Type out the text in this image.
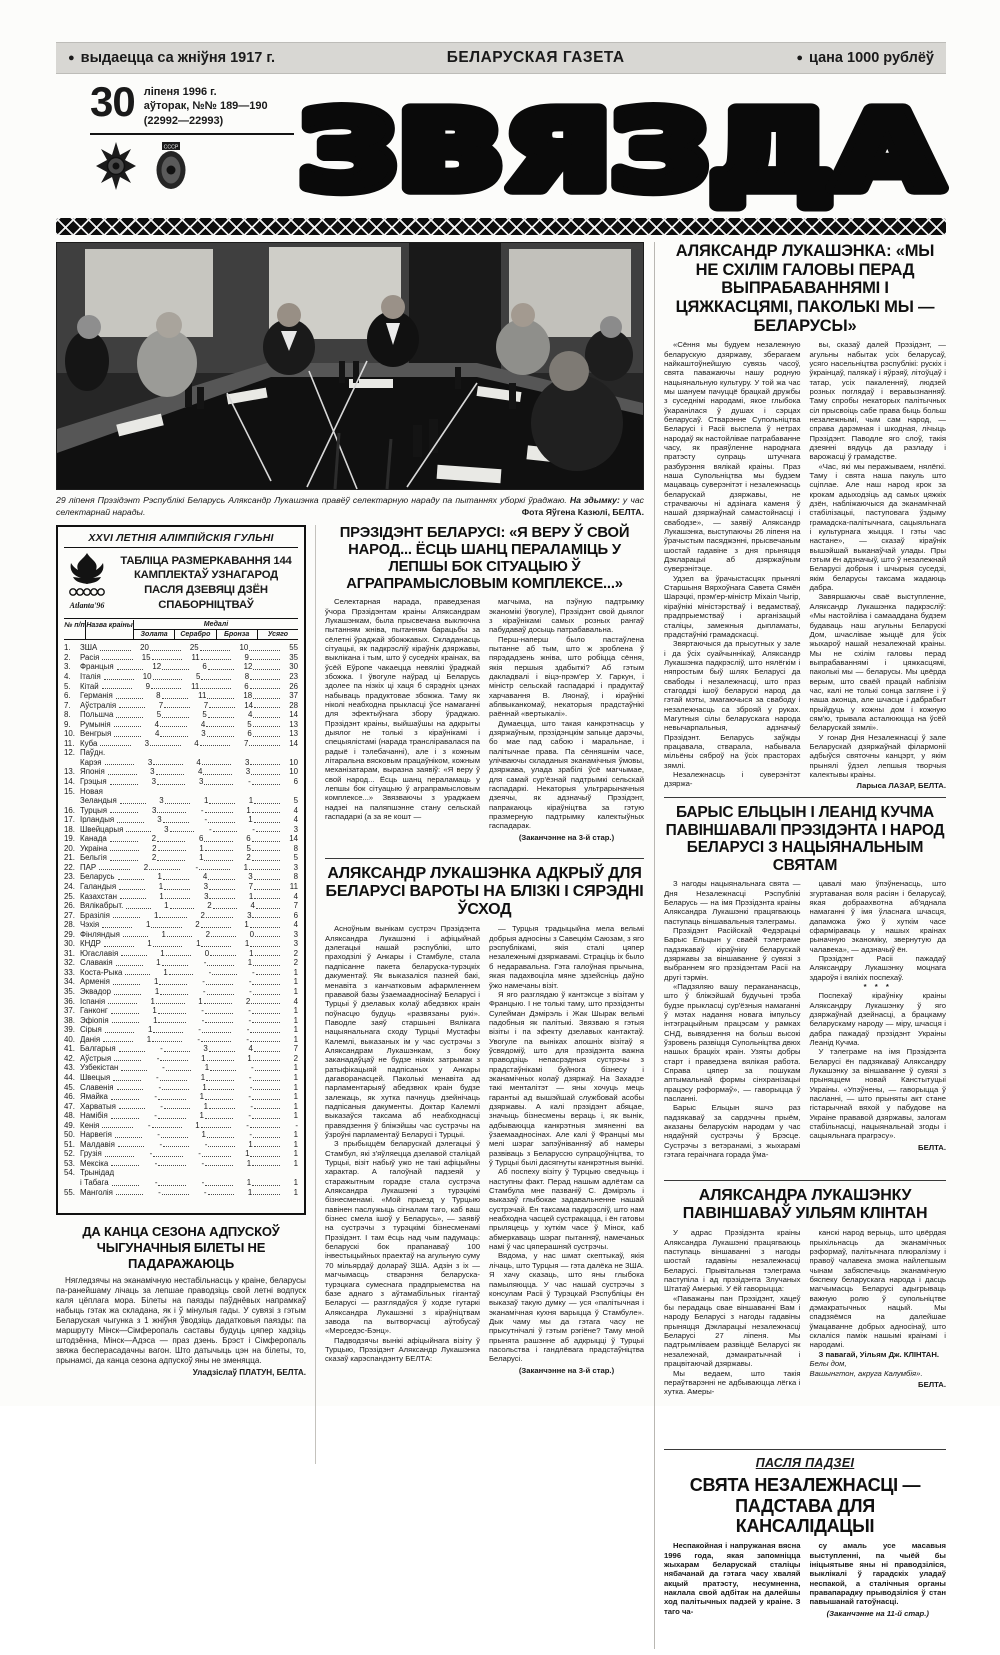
● выдаецца са жніўня 1917 г.	БЕЛАРУСКАЯ ГАЗЕТА	● цана 1000 рублёў
30 ліпеня 1996 г.
аўторак, №№ 189—190
(22992—22993)
СССР ЗВЯЗДА
29 ліпеня Прэзідэнт Рэспублікі Беларусь Аляксандр Лукашэнка правёў селектарную нараду па пытаннях уборкі ўраджаю. На здымку: у час селектарнай нарады.	Фота Яўгена Казюлі, БЕЛТА.
XXVI ЛЕТНІЯ АЛІМПІЙСКІЯ ГУЛЬНІ
Atlanta'96
ТАБЛІЦА РАЗМЕРКАВАННЯ 144 КАМПЛЕКТАЎ УЗНАГАРОД ПАСЛЯ ДЗЕВЯЦІ ДЗЁН СПАБОРНІЦТВАЎ
№ п/п Назва краіны	Медалі
Золата	Серабро	Бронза	Усяго
1.	ЗША	20	25	10	55
2.	Расія	15	11	9	35
3.	Францыя	12	6	12	30
4.	Італія	10	5	8	23
5.	Кітай	9	11	6	26
6.	Германія	8	11	18	37
7.	Аўстралія	7	7	14	28
8.	Польшча	5	5	4	14
9.	Румынія	4	4	5	13
10. Венгрыя	4	3	6	13
11. Куба	3	4	7	14
12. Паўдн.
Карэя	3	4	3	10
13. Японія	3	4	3	10
14. Грэцыя	3	3	-	6
15. Новая
Зеландыя	3	1	1	5
16. Турцыя	3	-	1	4
17. Ірландыя	3	-	1	4
18. Швейцарыя	3	-	-	3
19. Канада	2	6	6	14
20. Украіна	2	1	5	8
21. Бельгія	2	1	2	5
22. ПАР	2	-	1	3
23. Беларусь	1	4	3	8
24. Галандыя	1	3	7	11
25. Казахстан	1	3	1	4
26. Вялікабрыт.	1	2	4	7
27. Бразілія	1	2	3	6
28. Чэхія	1	2	1	4
29. Фінляндыя	1	2	0	3
30. КНДР	1	1	1	3
31. Югаславія	1	0	1	2
32. Славакія	1	-	1	2
33. Коста-Рыка	1	-	-	1
34. Арменія	1	-	-	1
35. Эквадор	1	-	-	1
36. Іспанія	1	1	2	4
37. Ганконг	1	-	-	1
38. Эфіопія	1	-	-	1
39. Сірыя	1	-	-	1
40. Данія	1	-	-	1
41. Балгарыя	-	3	4	7
42. Аўстрыя	-	1	1	2
43. Узбекістан	-	1	-	1
44. Швецыя	-	1	-	1
45. Славенія	-	1	-	1
46. Ямайка	-	1	-	1
47. Харватыя	-	1	-	1
48. Намібія	-	1	-	1
49. Кенія	-	1	-	-
50. Нарвегія	-	1	-	1
51. Малдавія	-	-	1	1
52. Грузія	-	-	1	1
53. Мексіка	-	-	1	1
54. Трынідад
і Табага	-	-	1	1
55. Манголія	-	-	1	1
ДА КАНЦА СЕЗОНА АДПУСКОЎ ЧЫГУНАЧНЫЯ БІЛЕТЫ НЕ ПАДАРАЖАЮЦЬ

Нягледзячы на эканамічную нестабільнасць у краіне, беларусы па-ранейшаму лічаць за лепшае праводзіць свой летні водпуск каля цёплага мора. Білеты на паязды паўднёвых напрамкаў набыць гэтак жа складана, як і ў мінулыя гады. У сувязі з гэтым Беларуская чыгунка з 1 жніўня ўводзіць дадатковыя паязды: па маршруту Мінск—Сімферопаль саставы будуць цяпер хадзіць штодзённа, Мінск—Адэса — праз дзень. Брэст і Сімферопаль звяжа бесперасадачны вагон. Што датычыць цэн на білеты, то, прынамсі, да канца сезона адпускоў яны не зменяцца.

Уладзіслаў ПЛАТУН, БЕЛТА.

ПРЭЗІДЭНТ БЕЛАРУСІ: «Я ВЕРУ Ў СВОЙ НАРОД... ЁСЦЬ ШАНЦ ПЕРАЛАМІЦЬ У ЛЕПШЫ БОК СІТУАЦЫЮ Ў АГРАПРАМЫСЛОВЫМ КОМПЛЕКСЕ...»

Селектарная нарада, праведзеная ўчора Прэзідэнтам краіны Аляксандрам Лукашэнкам, была прысвечана выключна пытанням жніва, пытанням барацьбы за сёлетні ўраджай збожжавых. Складанасць сітуацыі, як падкрэсліў кіраўнік дзяржавы, выклікана і тым, што ў суседніх краінах, ва ўсёй Еўропе чакаецца невялікі ўраджай збожжа. І ўвогуле наўрад ці Беларусь здолее па нізкіх ці хаця б сярэдніх цэнах набываць прадуктовае збожжа. Таму як ніколі неабходна прыкласці ўсе намаганні для эфектыўнага збору ўраджаю. Прэзідэнт краіны, выйшаўшы на адкрыты дыялог не толькі з кіраўнікамі і спецыялістамі (нарада трансліравалася па радыё і тэлебачанні), але і з кожным літаральна вясковым працаўніком, кожным механізатарам, выразна заявіў: «Я веру ў свой народ... Ёсць шанц пераламаць у лепшы бок сітуацыю ў аграпрамысловым комплексе...» Звязваючы з ураджаем надзеі на паляпшэнне стану сельскай гаспадаркі (а за яе кошт —

магчыма, на пэўную падтрымку эканомікі ўвогуле), Прэзідэнт свой дыялог з кіраўнікамі самых розных рангаў пабудаваў досыць патрабавальна.

Перш-наперш было пастаўлена пытанне аб тым, што ж зроблена ў пярэдадзень жніва, што робіцца сёння, якія першыя здабыткі? Аб гэтым дакладвалі і віцэ-прэм'ер У. Гаркун, і міністр сельскай гаспадаркі і прадуктаў харчавання В. Ляонаў, і кіраўнікі аблвыканкомаў, некаторыя прадстаўнікі раённай «вертыкалі».

Думаецца, што такая канкрэтнасць у дзяржаўным, прэзідэнцкім запыце дарэчы, бо мае пад сабою і маральнае, і палітычнае права. Па сённяшнім часе, улічваючы складаныя эканамічныя ўмовы, дзяржава, улада зрабілі ўсё магчымае, для самай сур'ёзнай падтрымкі сельскай гаспадаркі. Некаторыя ультрарыначныя дзеячы, як адзначыў Прэзідэнт, папракаюць кіраўніцтва за гэтую празмерную падтрымку калектыўных гаспадарак.

(Заканчэнне на 3-й стар.)

АЛЯКСАНДР ЛУКАШЭНКА АДКРЫЎ ДЛЯ БЕЛАРУСІ ВАРОТЫ НА БЛІЗКІ І СЯРЭДНІ ЎСХОД

Асноўным вынікам сустрэч Прэзідэнта Аляксандра Лукашэнкі і афіцыйнай дэлегацыі нашай рэспублікі, што праходзілі ў Анкары і Стамбуле, стала падпісанне пакета беларуска-турэцкіх дакументаў. Як выказаліся пазней бакі, менавіта з канчатковым афармленнем прававой базы ўзаемаадносінаў Беларусі і Турцыі ў дзелавых колаў абедзвюх краін поўнасцю будуць «развязаны рукі». Паводле заяў старшыні Вялікага нацыянальнага сходу Турцыі Мустафы Калемлі, выказаных ім у час сустрэчы з Аляксандрам Лукашэнкам, з боку заканадаўцаў не будзе ніякіх затрымак з ратыфікацыяй падпісаных у Анкары дагаворанасцей. Паколькі менавіта ад парламентарыяў абедзвюх краін будзе залежаць, як хутка пачнуць дзейнічаць падпісаныя дакументы. Доктар Калемлі выказаўся таксама аб неабходнасці правядзення ў бліжэйшы час сустрэчы на ўзроўні парламентаў Беларусі і Турцыі.

З прыбыццём беларускай дэлегацыі ў Стамбул, які з'яўляецца дзелавой сталіцай Турцыі, візіт набыў ужо не такі афіцыйны характар. А галоўнай падзеяй у старажытным горадзе стала сустрэча Аляксандра Лукашэнкі з турэцкімі бізнесменамі. «Мой прыезд у Турцыю павінен паслужыць сігналам таго, каб ваш бізнес смела ішоў у Беларусь», — заявіў на сустрэчы з турэцкімі бізнесменамі Прэзідэнт. І там ёсць над чым падумаць: беларускі бок прапанаваў 100 інвестыцыйных праектаў на агульную суму 70 мільярдаў долараў ЗША. Адзін з іх — магчымасць стварэння беларуска-турэцкага сумеснага прадпрыемства на базе аднаго з аўтамабільных гігантаў Беларусі — разглядаўся ў ходзе гутаркі Аляксандра Лукашэнкі з кіраўніцтвам завода па вытворчасці аўтобусаў «Мерседэс-Бэнц».

Падводзячы вынікі афіцыйнага візіту ў Турцыю, Прэзідэнт Аляксандр Лукашэнка сказаў карэспандэнту БЕЛТА:

— Турцыя традыцыйна мела вельмі добрыя адносіны з Савецкім Саюзам, з яго рэспублікамі, якія сталі цяпер незалежнымі дзяржавамі. Страціць іх было б недаравальна. Гэта галоўная прычына, якая падахвоціла мяне здзейсніць даўно ўжо намечаны візіт.

Я яго разглядаю ў кантэксце з візітам у Францыю. І не толькі таму, што прэзідэнты Сулейман Дэмірэль і Жак Шырак вельмі падобныя як палітыкі. Звязваю я гэтыя візіты і па эфекту дзелавых кантактаў. Увогуле па выніках апошніх візітаў я ўсвядоміў, што для прэзідэнта важна праводзіць непасрэдныя сустрэчы з прадстаўнікамі буйнога бізнесу і эканамічных колаў дзяржаў. На Захадзе такі менталітэт — яны хочуць мець гарантыі ад вышэйшай службовай асобы дзяржавы. А калі прэзідэнт абяцае, значыць бізнесмены вераць і, як вынік, адбываюцца канкрэтныя змяненні ва ўзаемаадносінах. Але калі ў Францыі мы мелі шэраг запэўніванняў аб намеры развіваць з Беларуссю супрацоўніцтва, то ў Турцыі былі дасягнуты канкрэтныя вынікі.

Аб поспеху візіту ў Турцыю сведчыць і наступны факт. Перад нашым адлётам са Стамбула мне пазваніў С. Дэмірэль і выказаў глыбокае задавальненне нашай сустрэчай. Ён таксама падкрэсліў, што нам неабходна часцей сустракацца, і ён гатовы прыляцець у хуткім часе ў Мінск, каб абмеркаваць шэраг пытанняў, намечаных намі ў час цяперашняй сустрэчы.

Вядома, у нас шмат скептыкаў, якія лічаць, што Турцыя — гэта далёка не ЗША. Я хачу сказаць, што яны глыбока памыляюцца. У час нашай сустрэчы з консулам Расіі ў Турэцкай Рэспубліцы ён выказаў такую думку — уся «палітычная і эканамічная кухня варыцца ў Стамбуле». Дык чаму мы да гэтага часу не прысутнічалі ў гэтым рэгіёне? Таму мной прынята рашэнне аб адкрыцці ў Турцыі пасольства і гандлёвага прадстаўніцтва Беларусі.

(Заканчэнне на 3-й стар.)

АЛЯКСАНДР ЛУКАШЭНКА: «МЫ НЕ СХІЛІМ ГАЛОВЫ ПЕРАД ВЫПРАБАВАННЯМІ І ЦЯЖКАСЦЯМІ, ПАКОЛЬКІ МЫ — БЕЛАРУСЫ»

«Сёння мы будуем незалежную беларускую дзяржаву, зберагаем найкаштоўнейшую сувязь часоў, свята паважаючы нашу родную нацыянальную культуру. У той жа час мы шануем пачуццё брацкай дружбы з суседнімі народамі, якое глыбока ўкаранілася ў душах і сэрцах беларусаў. Стварэнне Супольніцтва Беларусі і Расіі выспела ў нетрах народаў як настойлівае патрабаванне часу, як праяўленне народнага пратэсту супраць штучнага разбурэння вялікай краіны. Праз наша Супольніцтва мы будзем мацаваць суверэнітэт і незалежнасць беларускай дзяржавы, не страчваючы ні адзінага каменя ў нашай дзяржаўнай самастойнасці і свабодзе», — заявіў Аляксандр Лукашэнка, выступаючы 26 ліпеня на ўрачыстым пасяджэнні, прысвечаным шостай гадавіне з дня прыняцця Дэкларацыі аб дзяржаўным суверэнітэце.

Удзел ва ўрачыстасцях прынялі Старшыня Вярхоўнага Савета Сямён Шарэцкі, прэм'ер-міністр Міхаіл Чыгір, кіраўнікі міністэрстваў і ведамстваў, прадпрыемстваў і арганізацый сталіцы, замежныя дыпламаты, прадстаўнікі грамадскасці.

Звяртаючыся да прысутных у зале і да ўсіх суайчыннікаў, Аляксандр Лукашэнка падкрэсліў, што нялёгкім і няпростым быў шлях Беларусі да свабоды і незалежнасці, што праз стагоддзі ішоў беларускі народ да гэтай мэты, змагаючыся за свабоду і незалежнасць са зброяй у руках. Магутныя сілы беларускага народа невычарпальныя, адзначыў Прэзідэнт. Беларусь заўжды працавала, стварала, набывала мільёны сяброў на ўсіх прасторах зямлі.

Незалежнасць і суверэнітэт дзяржа-

вы, сказаў далей Прэзідэнт, — агульны набытак усіх беларусаў, усяго насельніцтва рэспублікі: рускіх і ўкраінцаў, палякаў і яўрэяў, літоўцаў і татар, усіх пакаленняў, людзей розных поглядаў і веравызнанняў. Таму спробы некаторых палітычных сіл прысвоіць сабе права быць больш незалежнымі, чым сам народ, — справа дарэмная і шкодная, лічыць Прэзідэнт. Паводле яго слоў, такія дзеянні вядуць да разладу і варожасці ў грамадстве.

«Час, які мы перажываем, нялёгкі. Таму і свята наша пакуль што сціплае. Але наш народ крок за крокам адыходзіць ад самых цяжкіх дзён, набліжаючыся да эканамічнай стабілізацыі, паступовага ўздыму грамадска-палітычнага, сацыяльнага і культурнага жыцця. І гэты час настане», — сказаў кіраўнік вышэйшай выканаўчай улады. Пры гэтым ён адзначыў, што ў незалежнай Беларусі добрыя і шчырыя суседзі, якім беларусы таксама жадаюць дабра.

Завяршаючы сваё выступленне, Аляксандр Лукашэнка падкрэсліў: «Мы настойліва і самааддана будзем будаваць наш агульны Беларускі Дом, шчаслівае жыццё для ўсіх жыхароў нашай незалежнай краіны. Мы не схілім галовы перад выпрабаваннямі і цяжкасцямі, паколькі мы — беларусы. Мы цвёрда верым, што сваёй працай наблізім час, калі не толькі сонца загляне і ў наша аконца, але шчасце і дабрабыт прыйдуць у кожны дом і кожную сям'ю, трывала асталююцца на ўсёй беларускай зямлі».

У гонар Дня Незалежнасці ў зале Беларускай дзяржаўнай філармоніі адбыўся святочны канцэрт, у якім прынялі ўдзел лепшыя творчыя калектывы краіны.

Ларыса ЛАЗАР, БЕЛТА.

БАРЫС ЕЛЬЦЫН І ЛЕАНІД КУЧМА ПАВІНШАВАЛІ ПРЭЗІДЭНТА І НАРОД БЕЛАРУСІ З НАЦЫЯНАЛЬНЫМ СВЯТАМ

З нагоды нацыянальнага свята — Дня Незалежнасці Рэспублікі Беларусь — на імя Прэзідэнта краіны Аляксандра Лукашэнкі працягваюць паступаць віншавальныя тэлеграмы.

Прэзідэнт Расійскай Федэрацыі Барыс Ельцын у сваёй тэлеграме падзякаваў кіраўніку беларускай дзяржавы за віншаванне ў сувязі з выбраннем яго прэзідэнтам Расіі на другі тэрмін.

«Падзяляю вашу перакананасць, што ў бліжэйшай будучыні трэба будзе прыкласці сур'ёзныя намаганні ў мэтах надання новага імпульсу інтэграцыйным працэсам у рамках СНД, вывядзення на больш высокі ўзровень развіцця Супольніцтва двюх нашых брацкіх краін. Узяты добры старт і праведзена вялікая работа. Справа цяпер за пошукам аптымальнай формы сінхранізацыі працэсу рэформаў», — гаворыцца ў пасланні.

Барыс Ельцын яшчэ раз падзякаваў за сардэчны прыём, аказаны беларускім народам у час нядаўняй сустрэчы ў Брэсце. Сустрэчы з ветэранамі, з жыхарамі гэтага гераічнага горада ўма-

цавалі маю ўпэўненасць, што згуртаваная воля расіян і беларусаў, якая добраахвотна аб'яднала намаганні ў імя ўласнага шчасця, дапаможа ўжо ў хуткім часе сфарміраваць у нашых краінах рыначную эканоміку, звернутую да чалавека», — адзначыў ён.

Прэзідэнт Расіі пажадаў Аляксандру Лукашэнку моцнага здароўя і вялікіх поспехаў.

* * *

Поспехаў кіраўніку краіны Аляксандру Лукашэнку ў яго дзяржаўнай дзейнасці, а брацкаму беларускаму народу — міру, шчасця і дабра пажадаў прэзідэнт Украіны Леанід Кучма.

У тэлеграме на імя Прэзідэнта Беларусі ён падзякаваў Аляксандру Лукашэнку за віншаванне ў сувязі з прыняццем новай Канстытуцыі Украіны. «Упэўнены, — гаворыцца ў пасланні, — што прыняты акт стане гістарычнай вяхой у пабудове на Украіне прававой дзяржавы, залогам стабільнасці, нацыянальнай згоды і сацыяльнага прагрэсу».

БЕЛТА.

АЛЯКСАНДРА ЛУКАШЭНКУ ПАВІНШАВАЎ УІЛЬЯМ КЛІНТАН

У адрас Прэзідэнта краіны Аляксандра Лукашэнкі працягваюць паступаць віншаванні з нагоды шостай гадавіны незалежнасці Беларусі. Прывітальная тэлеграма паступіла і ад прэзідэнта Злучаных Штатаў Амерыкі. У ёй гаворыцца:

«Паважаны пан Прэзідэнт, хацеў бы перадаць свае віншаванні Вам і народу Беларусі з нагоды гадавіны прыняцця Дэкларацыі незалежнасці Беларусі 27 ліпеня. Мы падтрымліваем развіццё Беларусі як незалежнай, дэмакратычнай і працвітаючай дзяржавы.

Мы ведаем, што такія пераўтварэнні не адбываюцца лёгка і хутка. Амеры-

канскі народ верыць, што цвёрдая прыхільнасць да эканамічных рэформаў, палітычнага плюралізму і правоў чалавека зможа найлепшым чынам забяспечыць эканамічную бяспеку беларускага народа і дасць магчымасць Беларусі адыгрываць важную ролю ў супольніцтве дэмакратычных нацый. Мы спадзяёмся на далейшае ўмацаванне добрых адносінаў, што склаліся паміж нашымі краінамі і народамі.

З павагай, Уільям Дж. КЛІНТАН.

Белы дом,

Вашынгтон, акруга Калумбія».

БЕЛТА.

ПАСЛЯ ПАДЗЕІ
СВЯТА НЕЗАЛЕЖНАСЦІ — ПАДСТАВА ДЛЯ КАНСАЛІДАЦЫІ

Неспакойная і напружаная вясна 1996 года, якая запомніцца жыхарам беларускай сталіцы нябачанай да гэтага часу хваляй акцый пратэсту, несумненна, наклала свой адбітак на далейшы ход палітычных падзей у краіне. З таго ча-

су амаль усе масавыя выступленні, па чыёй бы ініцыятыве яны ні праводзіліся, выклікалі ў гарадскіх уладаў неспакой, а сталічныя органы правапарадку прыводзіліся ў стан павышанай гатоўнасці.

(Заканчэнне на 11-й стар.)
